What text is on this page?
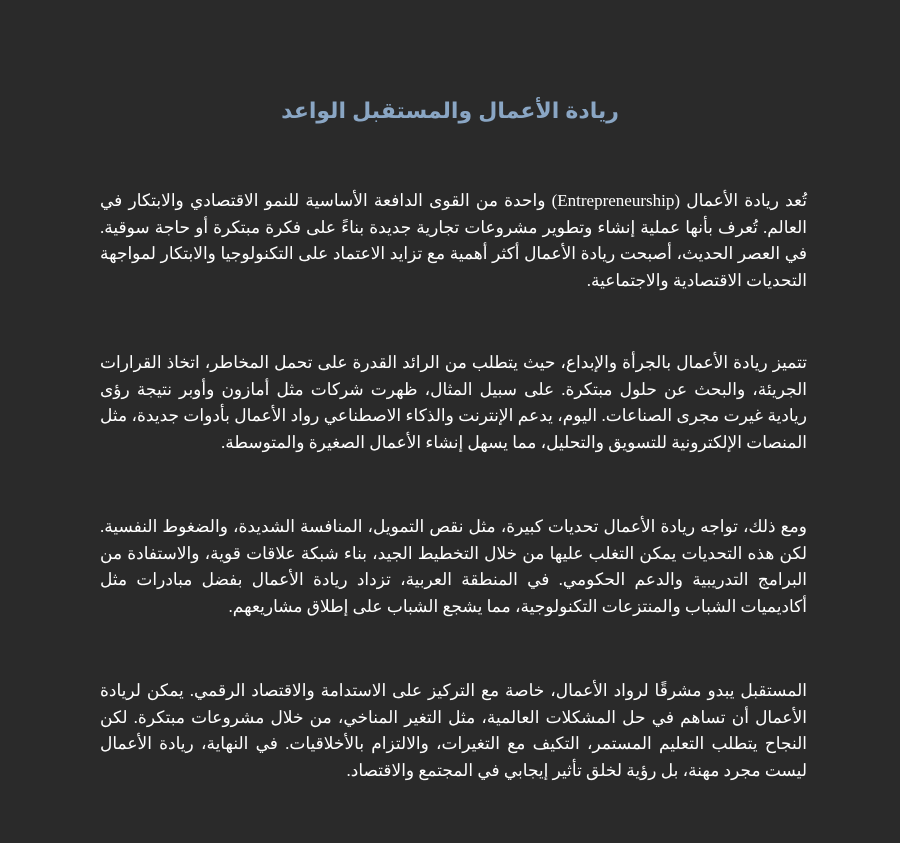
ريادة الأعمال والمستقبل الواعد

تُعد ريادة الأعمال (Entrepreneurship) واحدة من القوى الدافعة الأساسية للنمو الاقتصادي والابتكار في العالم. تُعرف بأنها عملية إنشاء وتطوير مشروعات تجارية جديدة بناءً على فكرة مبتكرة أو حاجة سوقية. في العصر الحديث، أصبحت ريادة الأعمال أكثر أهمية مع تزايد الاعتماد على التكنولوجيا والابتكار لمواجهة التحديات الاقتصادية والاجتماعية.

تتميز ريادة الأعمال بالجرأة والإبداع، حيث يتطلب من الرائد القدرة على تحمل المخاطر، اتخاذ القرارات الجريئة، والبحث عن حلول مبتكرة. على سبيل المثال، ظهرت شركات مثل أمازون وأوبر نتيجة رؤى ريادية غيرت مجرى الصناعات. اليوم، يدعم الإنترنت والذكاء الاصطناعي رواد الأعمال بأدوات جديدة، مثل المنصات الإلكترونية للتسويق والتحليل، مما يسهل إنشاء الأعمال الصغيرة والمتوسطة.

ومع ذلك، تواجه ريادة الأعمال تحديات كبيرة، مثل نقص التمويل، المنافسة الشديدة، والضغوط النفسية. لكن هذه التحديات يمكن التغلب عليها من خلال التخطيط الجيد، بناء شبكة علاقات قوية، والاستفادة من البرامج التدريبية والدعم الحكومي. في المنطقة العربية، تزداد ريادة الأعمال بفضل مبادرات مثل أكاديميات الشباب والمنتزعات التكنولوجية، مما يشجع الشباب على إطلاق مشاريعهم.

المستقبل يبدو مشرقًا لرواد الأعمال، خاصة مع التركيز على الاستدامة والاقتصاد الرقمي. يمكن لريادة الأعمال أن تساهم في حل المشكلات العالمية، مثل التغير المناخي، من خلال مشروعات مبتكرة. لكن النجاح يتطلب التعليم المستمر، التكيف مع التغيرات، والالتزام بالأخلاقيات. في النهاية، ريادة الأعمال ليست مجرد مهنة، بل رؤية لخلق تأثير إيجابي في المجتمع والاقتصاد.
